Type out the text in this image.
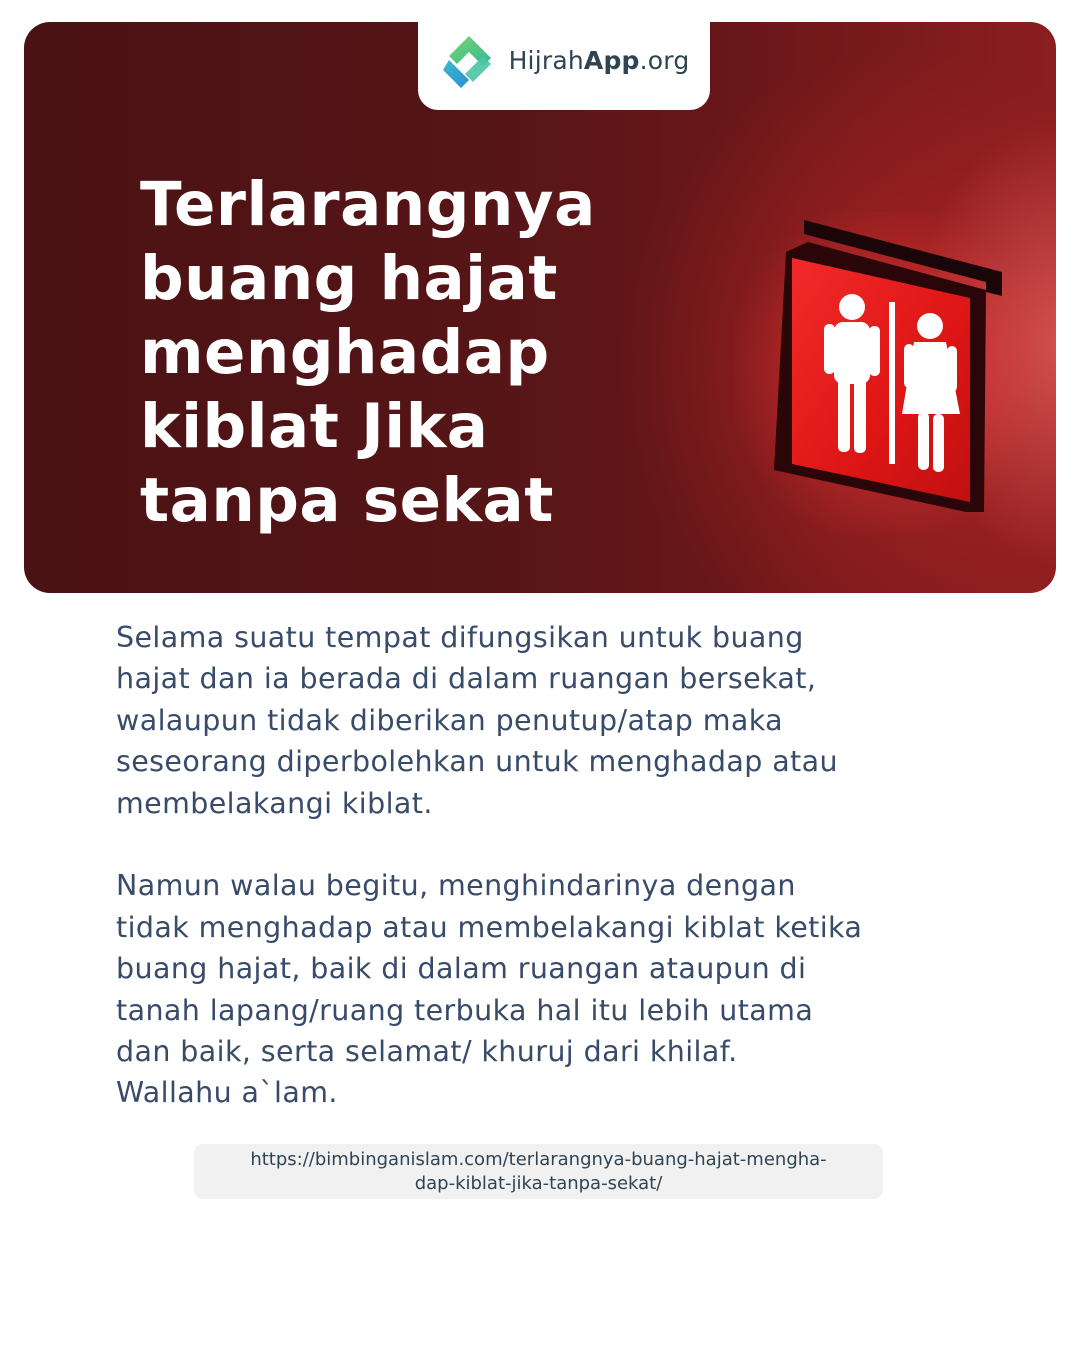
HijrahApp.org
Terlarangnya buang hajat menghadap kiblat Jika tanpa sekat

Selama suatu tempat difungsikan untuk buang
hajat dan ia berada di dalam ruangan bersekat,
walaupun tidak diberikan penutup/atap maka
seseorang diperbolehkan untuk menghadap atau
membelakangi kiblat.

Namun walau begitu, menghindarinya dengan
tidak menghadap atau membelakangi kiblat ketika
buang hajat, baik di dalam ruangan ataupun di
tanah lapang/ruang terbuka hal itu lebih utama
dan baik, serta selamat/ khuruj dari khilaf.
Wallahu a`lam.

https://bimbinganislam.com/terlarangnya-buang-hajat-mengha-
dap-kiblat-jika-tanpa-sekat/
